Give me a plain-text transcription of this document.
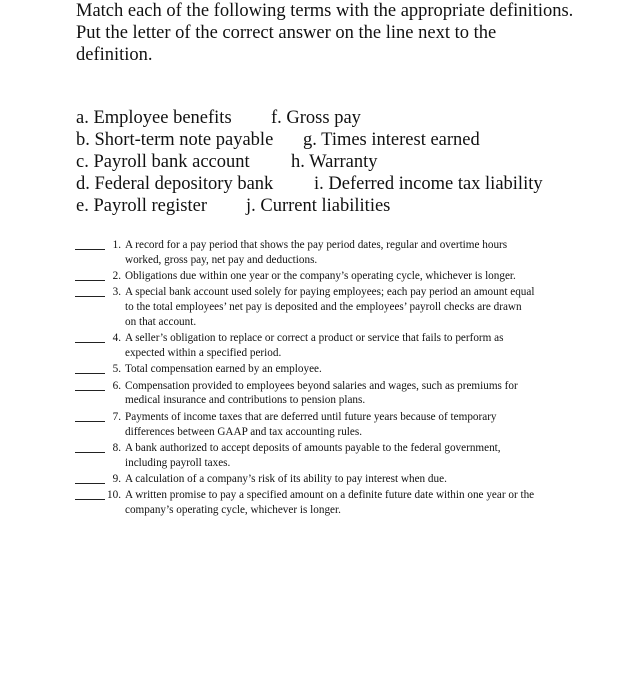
Match each of the following terms with the appropriate definitions. Put the letter of the correct answer on the line next to the definition.

a. Employee benefits f. Gross pay
b. Short-term note payable g. Times interest earned
c. Payroll bank account h. Warranty
d. Federal depository bank i. Deferred income tax liability
e. Payroll register j. Current liabilities
1. A record for a pay period that shows the pay period dates, regular and overtime hours worked, gross pay, net pay and deductions.
2. Obligations due within one year or the company’s operating cycle, whichever is longer.
3. A special bank account used solely for paying employees; each pay period an amount equal to the total employees’ net pay is deposited and the employees’ payroll checks are drawn on that account.
4. A seller’s obligation to replace or correct a product or service that fails to perform as expected within a specified period.
5. Total compensation earned by an employee.
6. Compensation provided to employees beyond salaries and wages, such as premiums for medical insurance and contributions to pension plans.
7. Payments of income taxes that are deferred until future years because of temporary differences between GAAP and tax accounting rules.
8. A bank authorized to accept deposits of amounts payable to the federal government, including payroll taxes.
9. A calculation of a company’s risk of its ability to pay interest when due.
10. A written promise to pay a specified amount on a definite future date within one year or the company’s operating cycle, whichever is longer.
